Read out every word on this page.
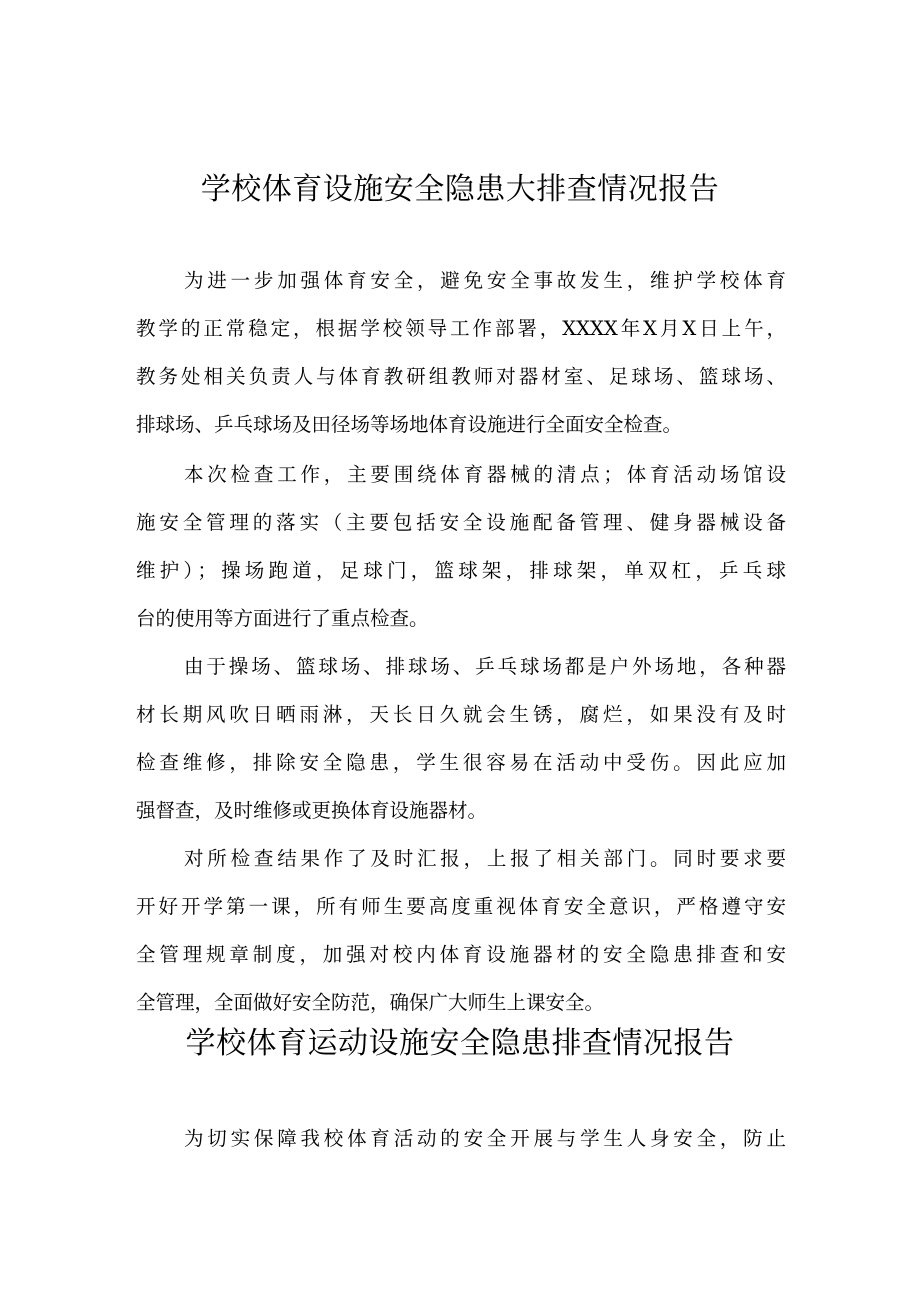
学校体育设施安全隐患大排查情况报告
为进一步加强体育安全，避免安全事故发生，维护学校体育
教学的正常稳定，根据学校领导工作部署，XXXX年X月X日上午，
教务处相关负责人与体育教研组教师对器材室、足球场、篮球场、
排球场、乒乓球场及田径场等场地体育设施进行全面安全检查。
本次检查工作，主要围绕体育器械的清点；体育活动场馆设
施安全管理的落实（主要包括安全设施配备管理、健身器械设备
维护）；操场跑道，足球门，篮球架，排球架，单双杠，乒乓球
台的使用等方面进行了重点检查。
由于操场、篮球场、排球场、乒乓球场都是户外场地，各种器
材长期风吹日晒雨淋，天长日久就会生锈，腐烂，如果没有及时
检查维修，排除安全隐患，学生很容易在活动中受伤。因此应加
强督查，及时维修或更换体育设施器材。
对所检查结果作了及时汇报，上报了相关部门。同时要求要
开好开学第一课，所有师生要高度重视体育安全意识，严格遵守安
全管理规章制度，加强对校内体育设施器材的安全隐患排查和安
全管理，全面做好安全防范，确保广大师生上课安全。
学校体育运动设施安全隐患排查情况报告
为切实保障我校体育活动的安全开展与学生人身安全，防止
